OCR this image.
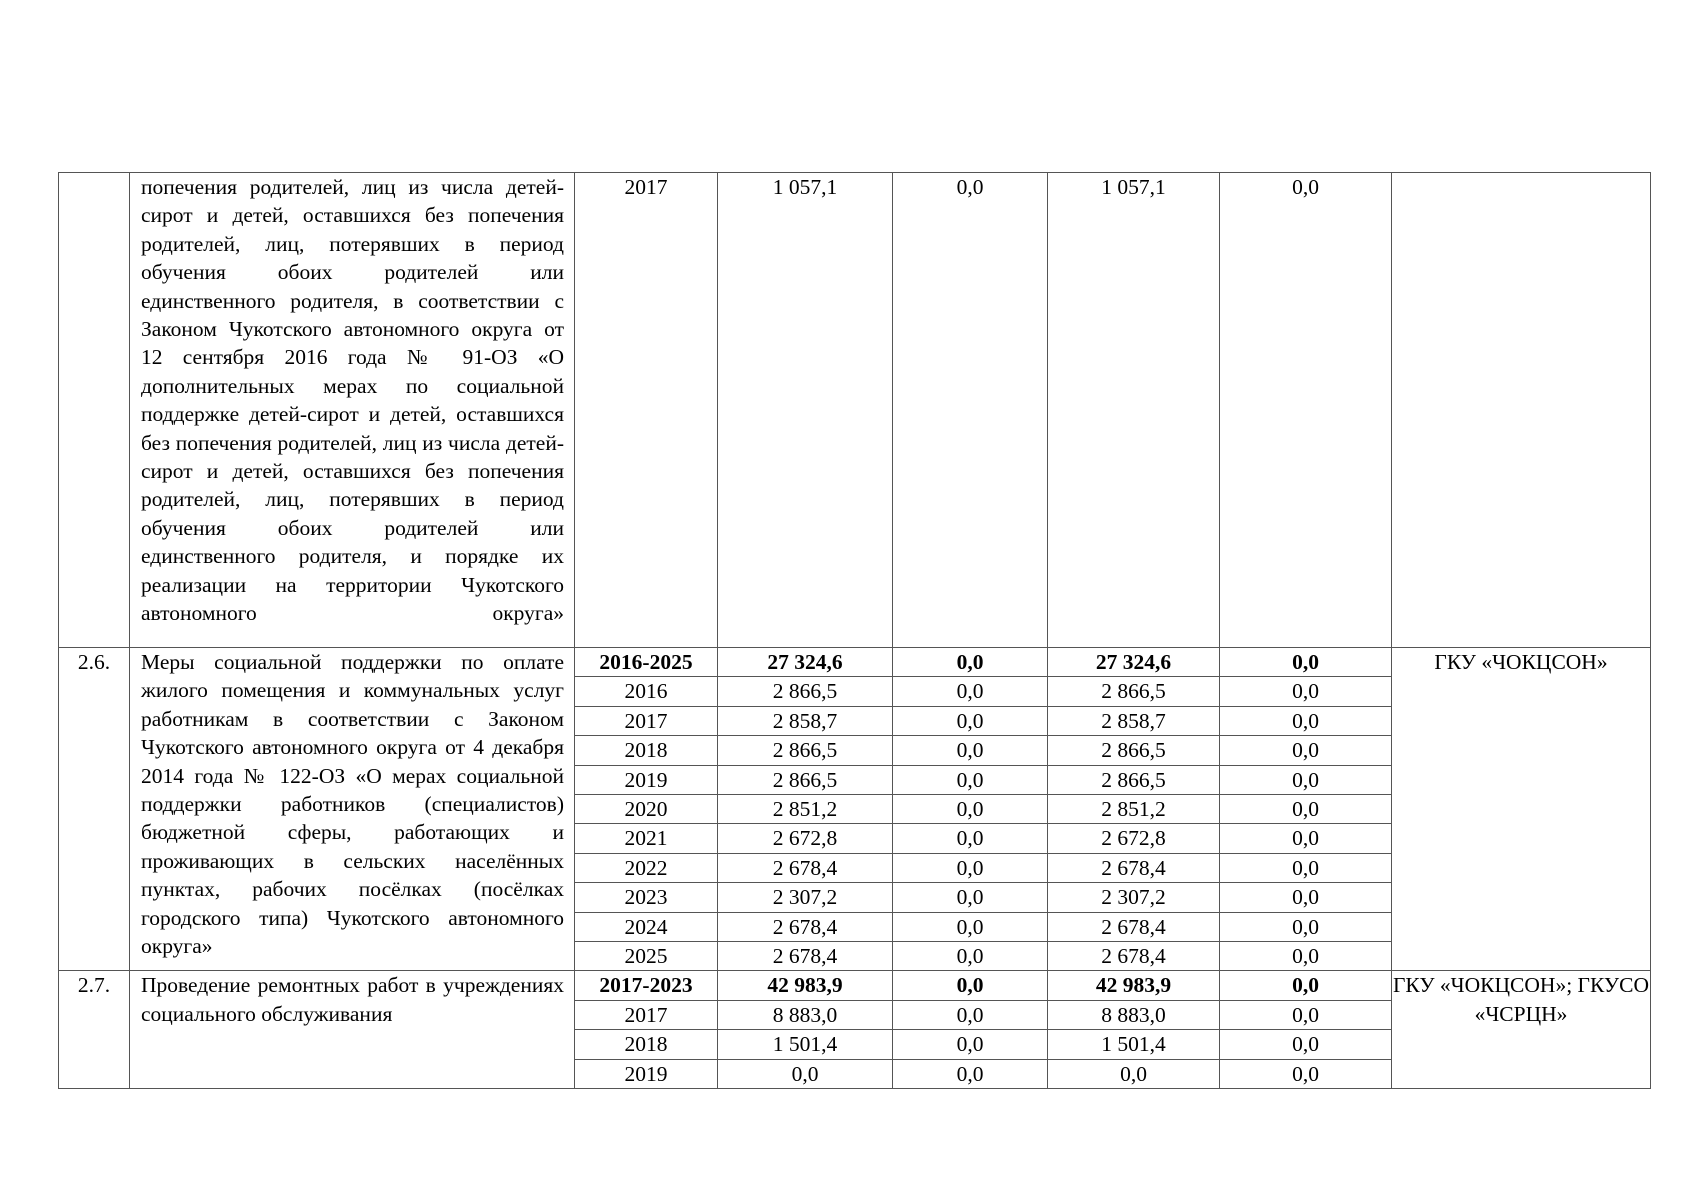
	попечения родителей, лиц из числа детей-сирот и детей, оставшихся без попечения родителей, лиц, потерявших в период обучения обоих родителей или единственного родителя, в соответствии с Законом Чукотского автономного округа от 12 сентября 2016 года № 91-ОЗ «О дополнительных мерах по социальной поддержке детей-сирот и детей, оставшихся без попечения родителей, лиц из числа детей-сирот и детей, оставшихся без попечения родителей, лиц, потерявших в период обучения обоих родителей или единственного родителя, и порядке их реализации на территории Чукотского автономного округа»	2017	1 057,1	0,0	1 057,1	0,0	
2.6.	Меры социальной поддержки по оплате жилого помещения и коммунальных услуг работникам в соответствии с Законом Чукотского автономного округа от 4 декабря 2014 года № 122-ОЗ «О мерах социальной поддержки работников (специалистов) бюджетной сферы, работающих и проживающих в сельских населённых пунктах, рабочих посёлках (посёлках городского типа) Чукотского автономного округа»	2016-2025	27 324,6	0,0	27 324,6	0,0	ГКУ «ЧОКЦСОН»
		2016	2 866,5	0,0	2 866,5	0,0	
		2017	2 858,7	0,0	2 858,7	0,0	
		2018	2 866,5	0,0	2 866,5	0,0	
		2019	2 866,5	0,0	2 866,5	0,0	
		2020	2 851,2	0,0	2 851,2	0,0	
		2021	2 672,8	0,0	2 672,8	0,0	
		2022	2 678,4	0,0	2 678,4	0,0	
		2023	2 307,2	0,0	2 307,2	0,0	
		2024	2 678,4	0,0	2 678,4	0,0	
		2025	2 678,4	0,0	2 678,4	0,0	
2.7.	Проведение ремонтных работ в учреждениях социального обслуживания	2017-2023	42 983,9	0,0	42 983,9	0,0	ГКУ «ЧОКЦСОН»; ГКУСО «ЧСРЦН»
		2017	8 883,0	0,0	8 883,0	0,0	
		2018	1 501,4	0,0	1 501,4	0,0	
		2019	0,0	0,0	0,0	0,0	
